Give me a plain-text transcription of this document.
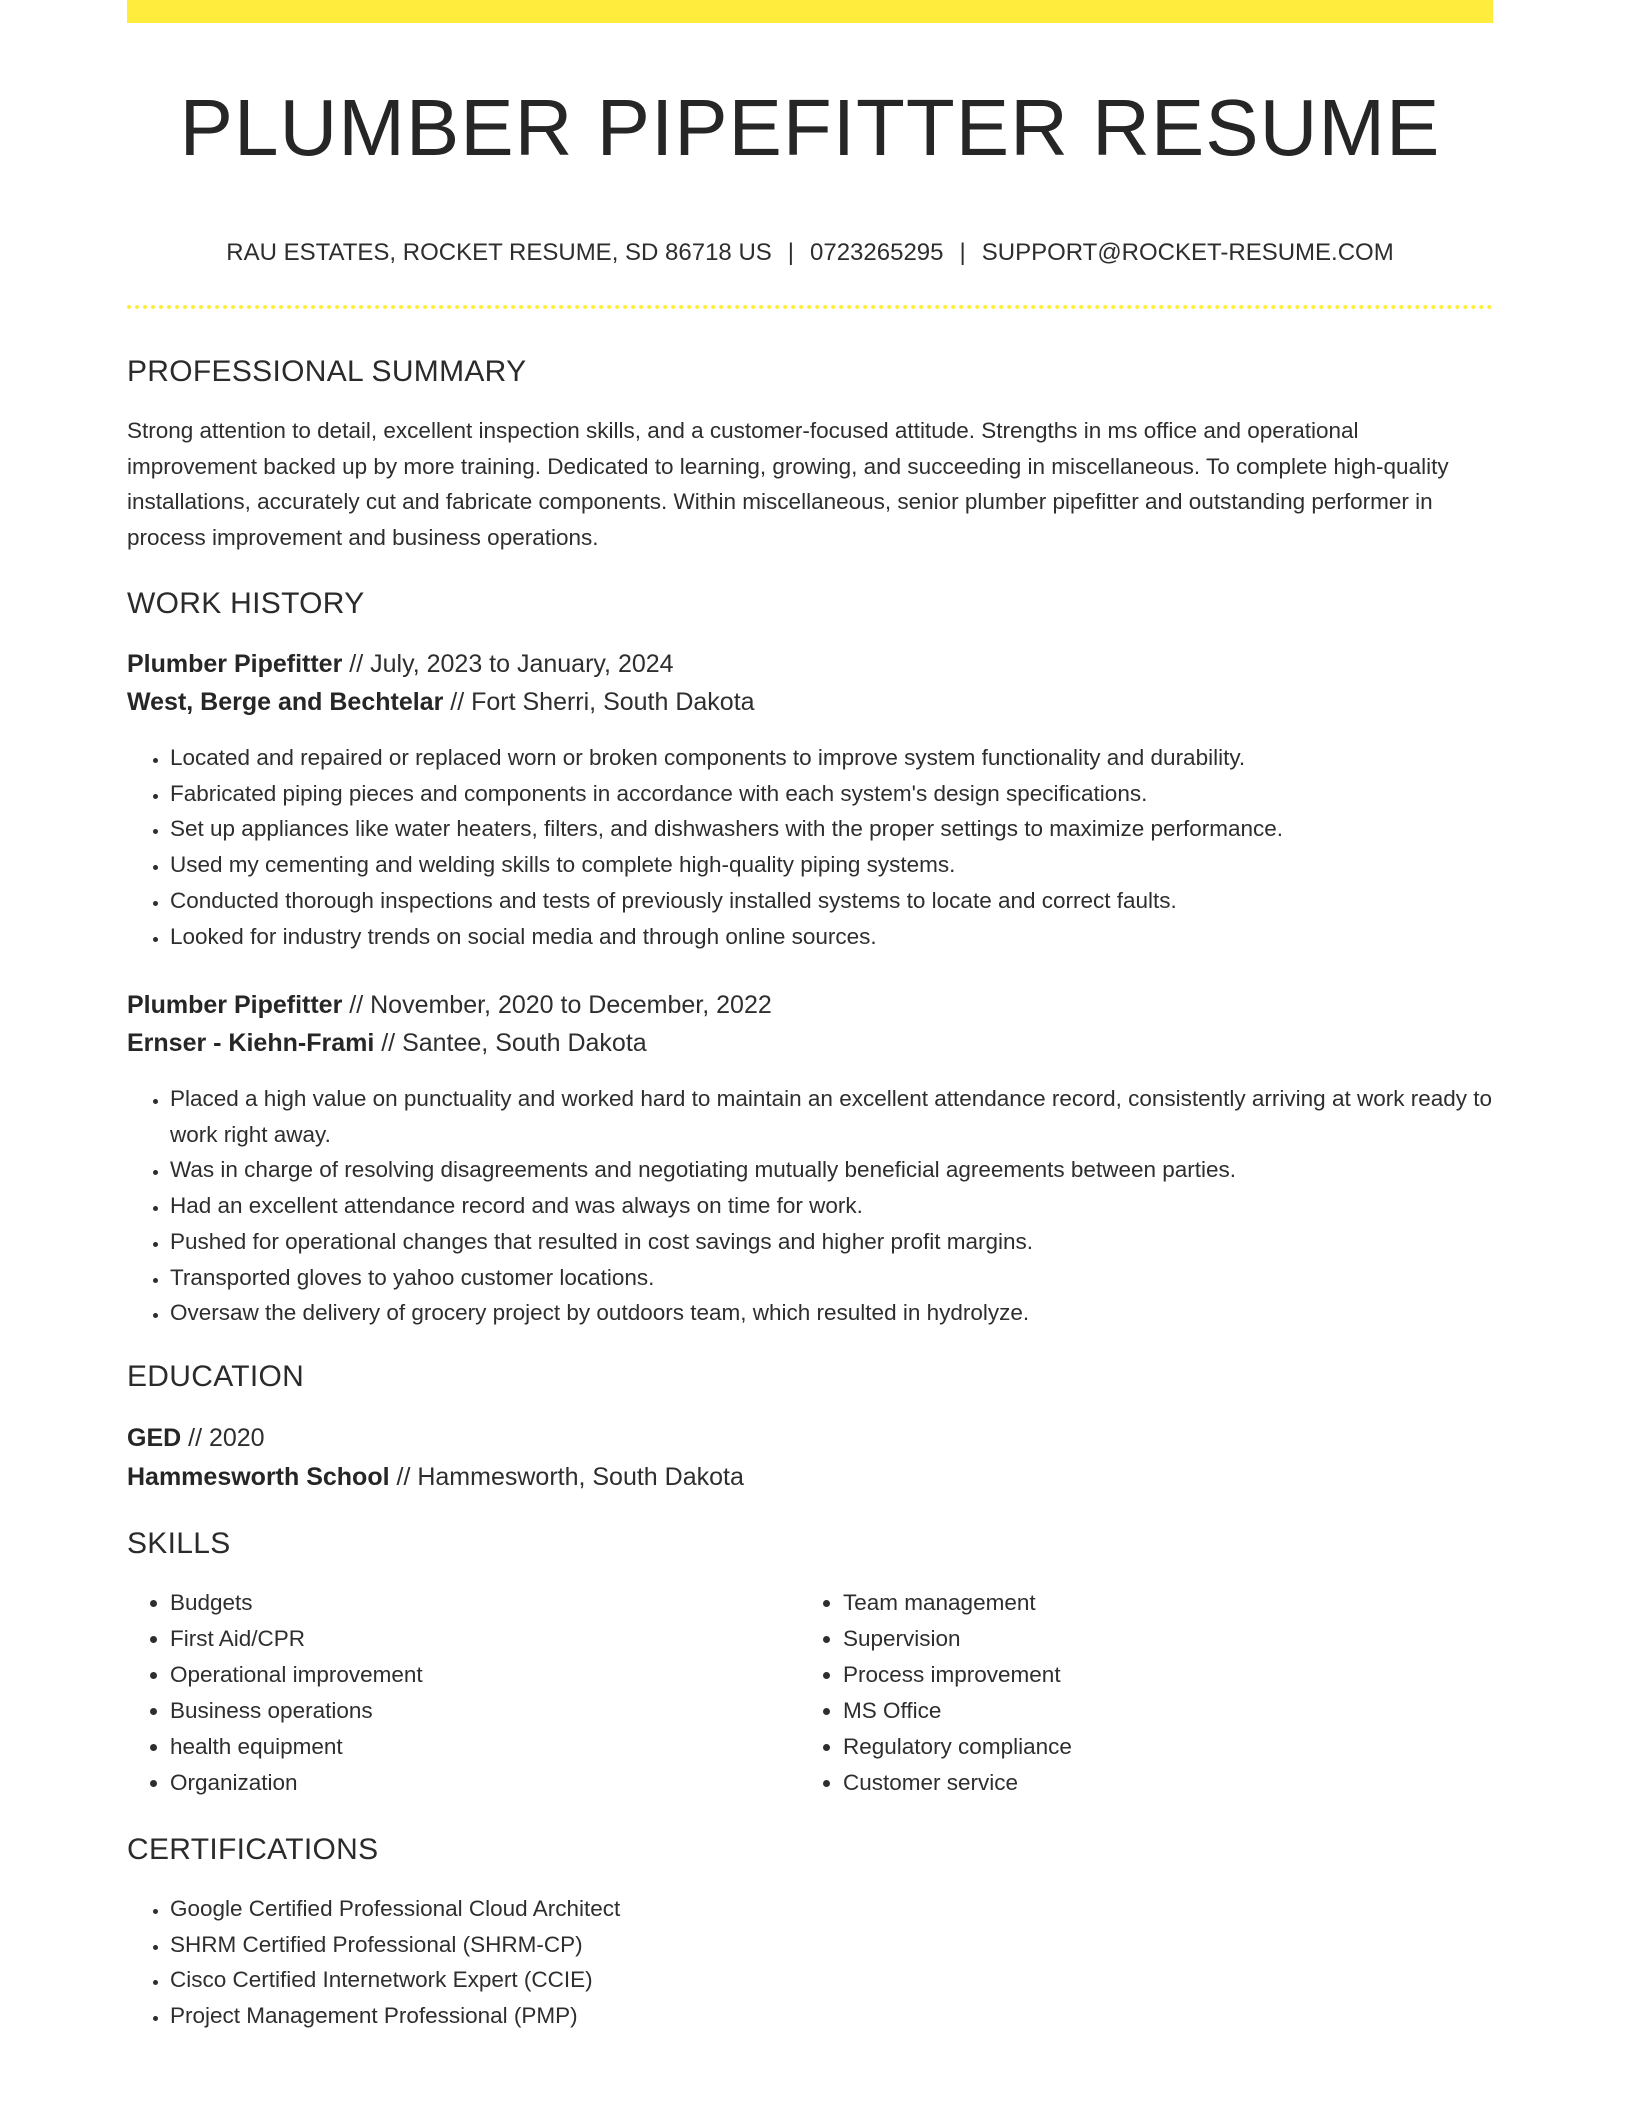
PLUMBER PIPEFITTER RESUME
RAU ESTATES, ROCKET RESUME, SD 86718 US | 0723265295 | SUPPORT@ROCKET-RESUME.COM
PROFESSIONAL SUMMARY
Strong attention to detail, excellent inspection skills, and a customer-focused attitude. Strengths in ms office and operational improvement backed up by more training. Dedicated to learning, growing, and succeeding in miscellaneous. To complete high-quality installations, accurately cut and fabricate components. Within miscellaneous, senior plumber pipefitter and outstanding performer in process improvement and business operations.
WORK HISTORY
Plumber Pipefitter // July, 2023 to January, 2024
West, Berge and Bechtelar // Fort Sherri, South Dakota
• Located and repaired or replaced worn or broken components to improve system functionality and durability.
• Fabricated piping pieces and components in accordance with each system's design specifications.
• Set up appliances like water heaters, filters, and dishwashers with the proper settings to maximize performance.
• Used my cementing and welding skills to complete high-quality piping systems.
• Conducted thorough inspections and tests of previously installed systems to locate and correct faults.
• Looked for industry trends on social media and through online sources.
Plumber Pipefitter // November, 2020 to December, 2022
Ernser - Kiehn-Frami // Santee, South Dakota
• Placed a high value on punctuality and worked hard to maintain an excellent attendance record, consistently arriving at work ready to work right away.
• Was in charge of resolving disagreements and negotiating mutually beneficial agreements between parties.
• Had an excellent attendance record and was always on time for work.
• Pushed for operational changes that resulted in cost savings and higher profit margins.
• Transported gloves to yahoo customer locations.
• Oversaw the delivery of grocery project by outdoors team, which resulted in hydrolyze.
EDUCATION
GED // 2020
Hammesworth School // Hammesworth, South Dakota
SKILLS
• Budgets
• First Aid/CPR
• Operational improvement
• Business operations
• health equipment
• Organization
• Team management
• Supervision
• Process improvement
• MS Office
• Regulatory compliance
• Customer service
CERTIFICATIONS
• Google Certified Professional Cloud Architect
• SHRM Certified Professional (SHRM-CP)
• Cisco Certified Internetwork Expert (CCIE)
• Project Management Professional (PMP)
